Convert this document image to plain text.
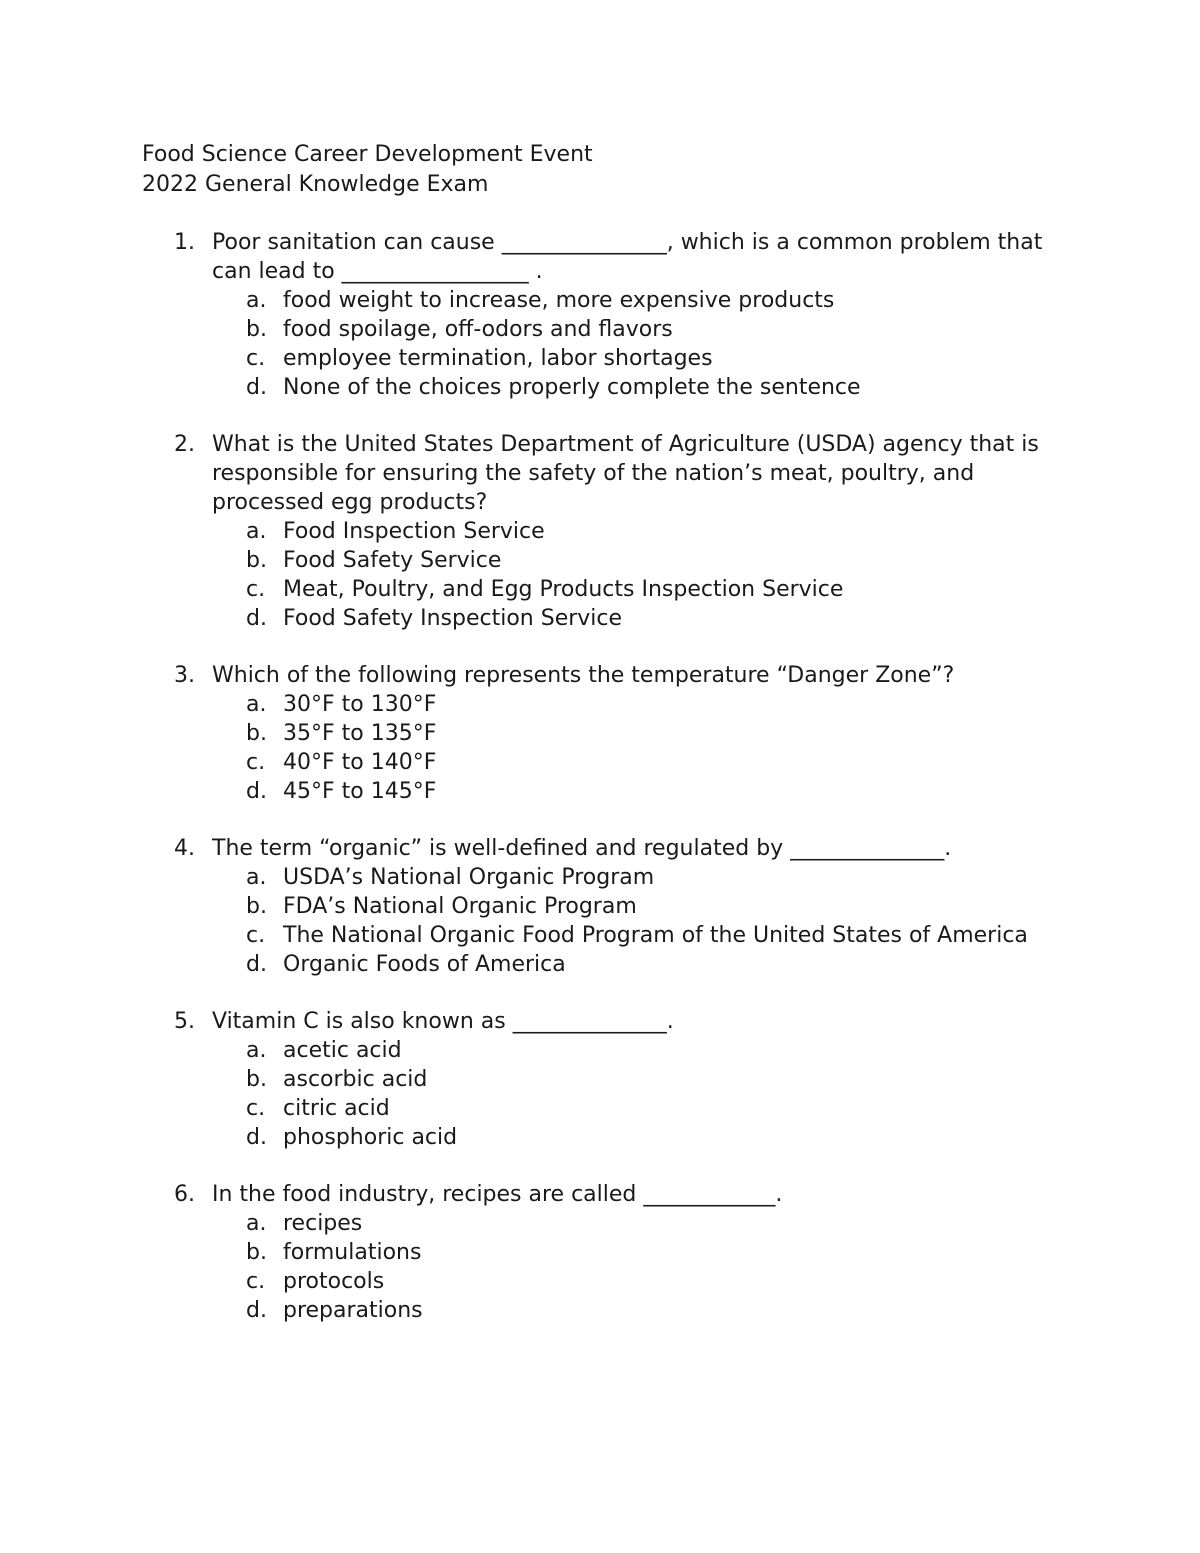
Food Science Career Development Event
2022 General Knowledge Exam
1. Poor sanitation can cause _______________, which is a common problem that can lead to _________________ .
a. food weight to increase, more expensive products
b. food spoilage, off-odors and flavors
c. employee termination, labor shortages
d. None of the choices properly complete the sentence
2. What is the United States Department of Agriculture (USDA) agency that is responsible for ensuring the safety of the nation’s meat, poultry, and processed egg products?
a. Food Inspection Service
b. Food Safety Service
c. Meat, Poultry, and Egg Products Inspection Service
d. Food Safety Inspection Service
3. Which of the following represents the temperature “Danger Zone”?
a. 30°F to 130°F
b. 35°F to 135°F
c. 40°F to 140°F
d. 45°F to 145°F
4. The term “organic” is well-defined and regulated by ______________.
a. USDA’s National Organic Program
b. FDA’s National Organic Program
c. The National Organic Food Program of the United States of America
d. Organic Foods of America
5. Vitamin C is also known as ______________.
a. acetic acid
b. ascorbic acid
c. citric acid
d. phosphoric acid
6. In the food industry, recipes are called ____________.
a. recipes
b. formulations
c. protocols
d. preparations
